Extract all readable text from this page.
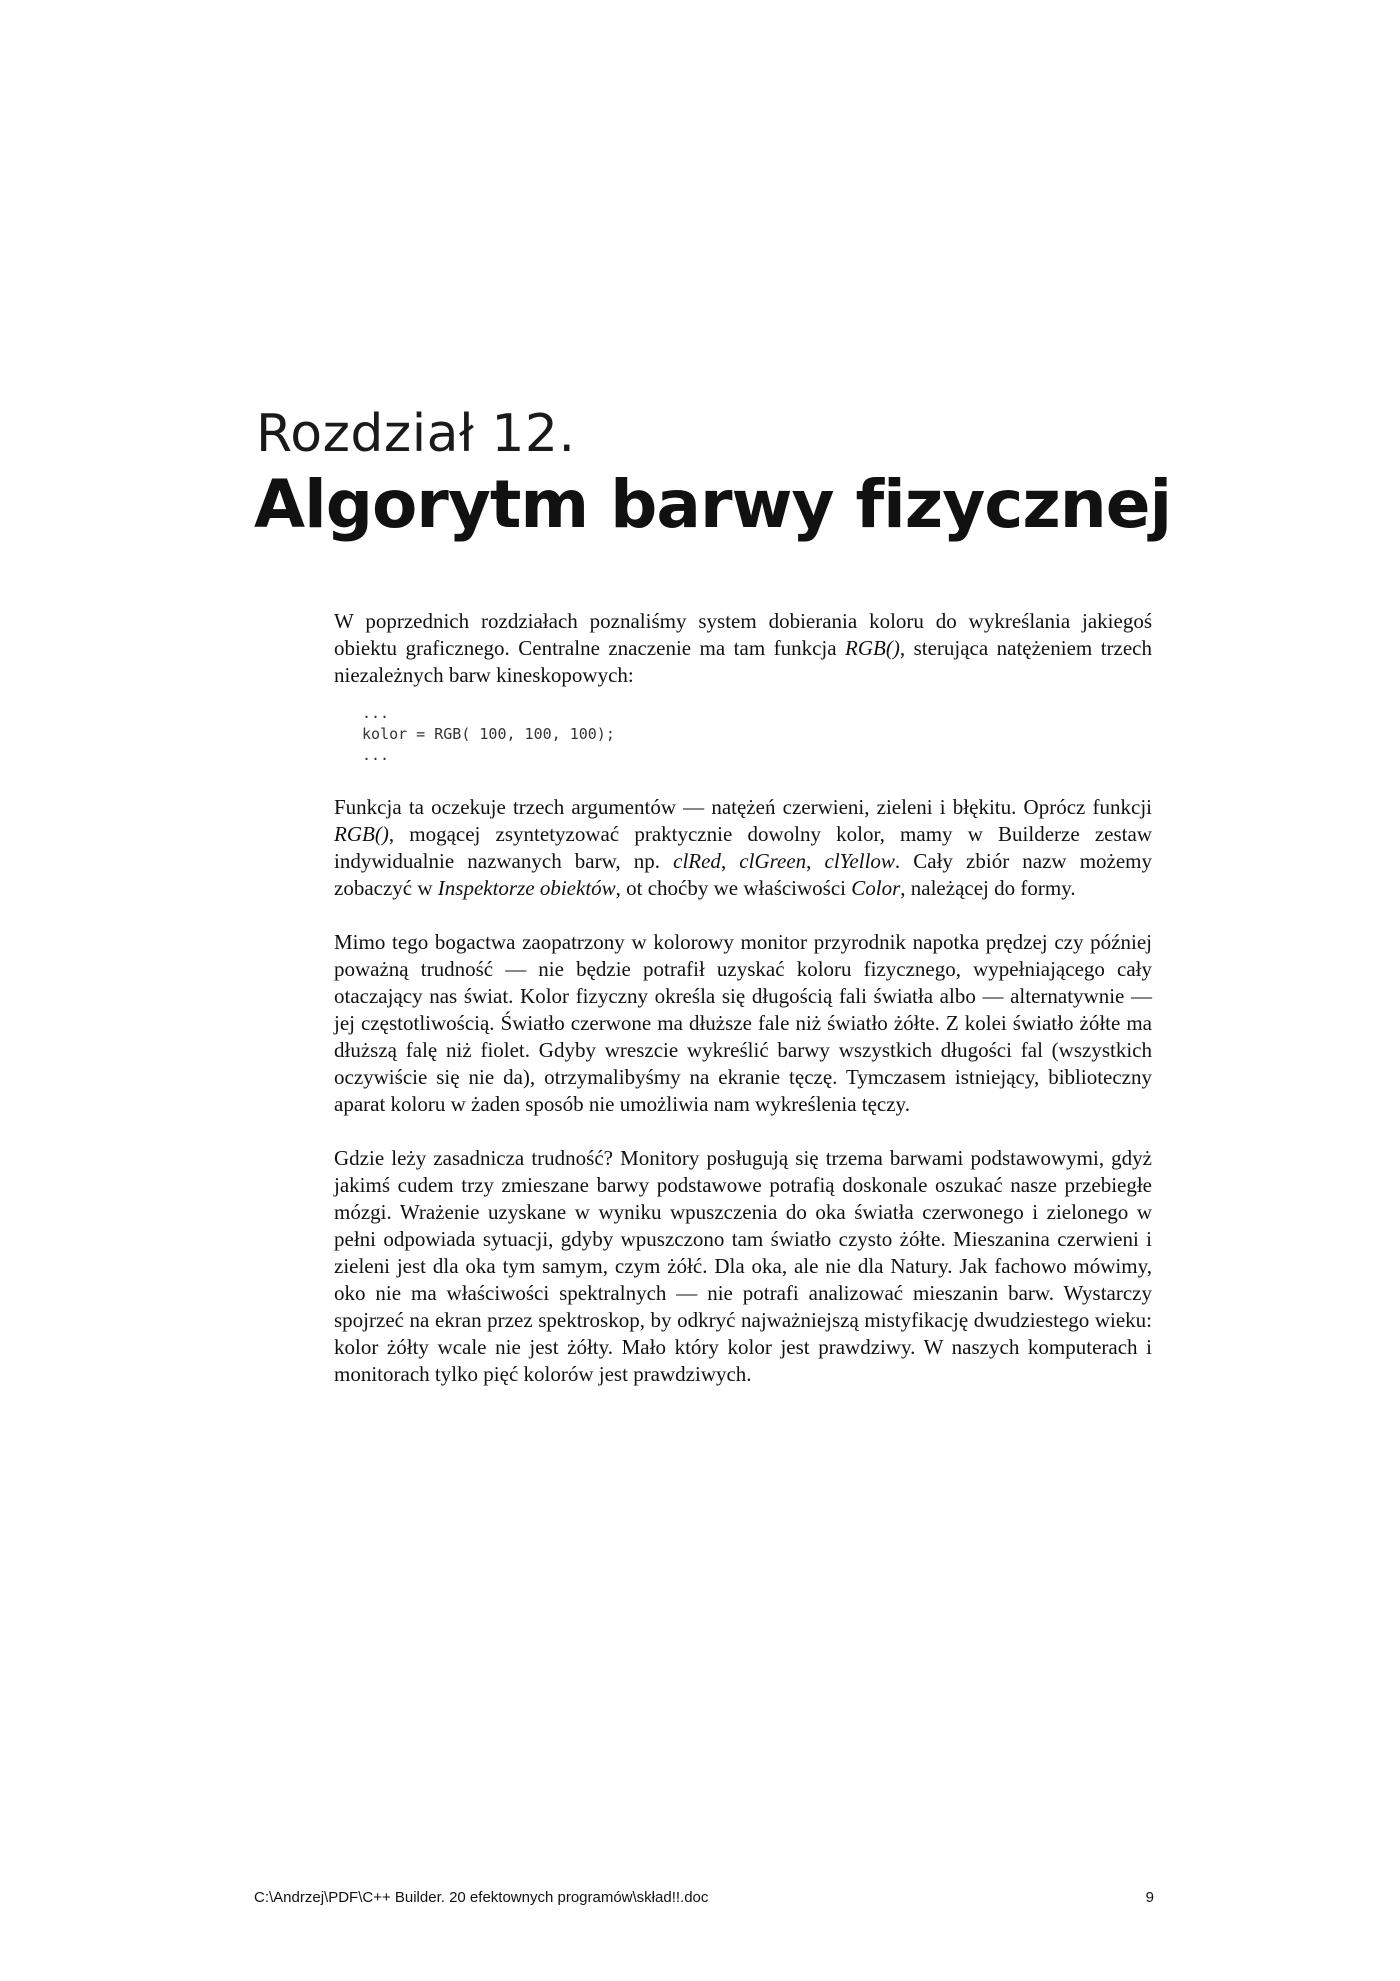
Rozdział 12.
Algorytm barwy fizycznej

W poprzednich rozdziałach poznaliśmy system dobierania koloru do wykreślania jakiegoś obiektu graficznego. Centralne znaczenie ma tam funkcja RGB(), sterująca natężeniem trzech niezależnych barw kineskopowych:

...
kolor = RGB( 100, 100, 100);
...

Funkcja ta oczekuje trzech argumentów — natężeń czerwieni, zieleni i błękitu. Oprócz funkcji RGB(), mogącej zsyntetyzować praktycznie dowolny kolor, mamy w Builderze zestaw indywidualnie nazwanych barw, np. clRed, clGreen, clYellow. Cały zbiór nazw możemy zobaczyć w Inspektorze obiektów, ot choćby we właściwości Color, należącej do formy.

Mimo tego bogactwa zaopatrzony w kolorowy monitor przyrodnik napotka prędzej czy później poważną trudność — nie będzie potrafił uzyskać koloru fizycznego, wypełniającego cały otaczający nas świat. Kolor fizyczny określa się długością fali światła albo — alternatywnie — jej częstotliwością. Światło czerwone ma dłuższe fale niż światło żółte. Z kolei światło żółte ma dłuższą falę niż fiolet. Gdyby wreszcie wykreślić barwy wszystkich długości fal (wszystkich oczywiście się nie da), otrzymalibyśmy na ekranie tęczę. Tymczasem istniejący, biblioteczny aparat koloru w żaden sposób nie umożliwia nam wykreślenia tęczy.

Gdzie leży zasadnicza trudność? Monitory posługują się trzema barwami podstawowymi, gdyż jakimś cudem trzy zmieszane barwy podstawowe potrafią doskonale oszukać nasze przebiegłe mózgi. Wrażenie uzyskane w wyniku wpuszczenia do oka światła czerwonego i zielonego w pełni odpowiada sytuacji, gdyby wpuszczono tam światło czysto żółte. Mieszanina czerwieni i zieleni jest dla oka tym samym, czym żółć. Dla oka, ale nie dla Natury. Jak fachowo mówimy, oko nie ma właściwości spektralnych — nie potrafi analizować mieszanin barw. Wystarczy spojrzeć na ekran przez spektroskop, by odkryć najważniejszą mistyfikację dwudziestego wieku: kolor żółty wcale nie jest żółty. Mało który kolor jest prawdziwy. W naszych komputerach i monitorach tylko pięć kolorów jest prawdziwych.

C:\Andrzej\PDF\C++ Builder. 20 efektownych programów\skład!!.doc	9
